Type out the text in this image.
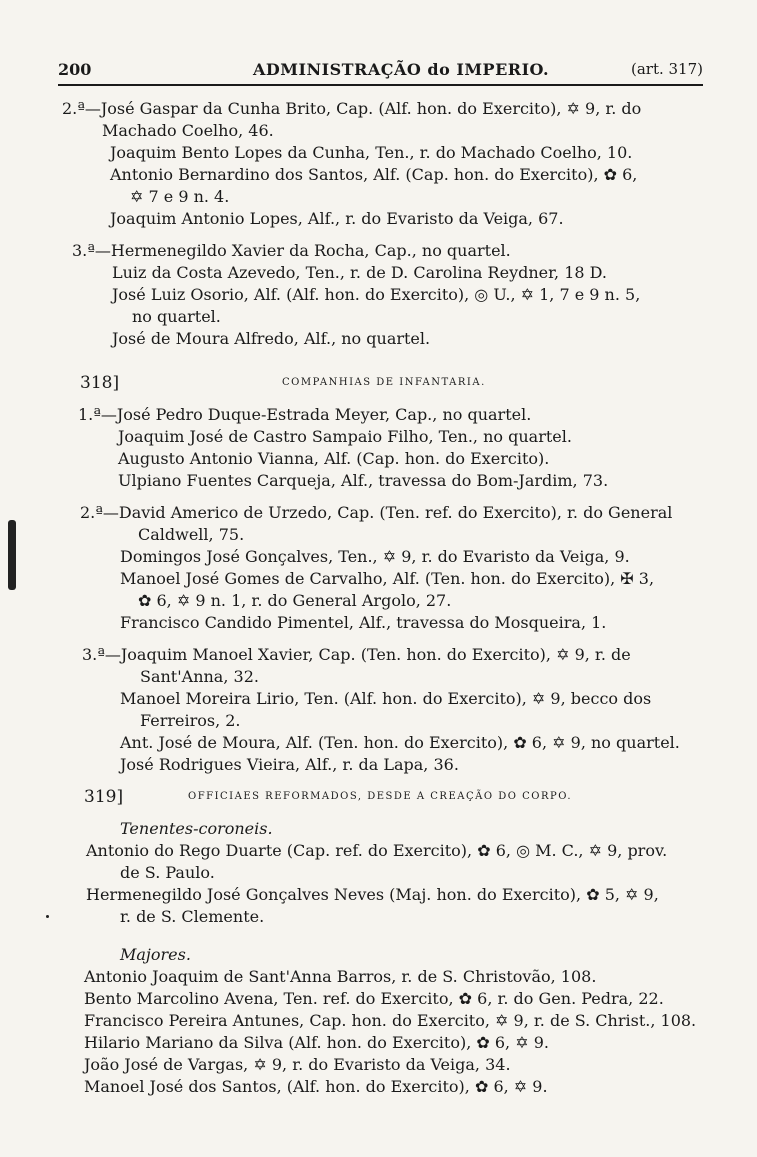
200	ADMINISTRAÇÃO do IMPERIO.	(art. 317)
2.ª—José Gaspar da Cunha Brito, Cap. (Alf. hon. do Exercito), ✡ 9, r. do
Machado Coelho, 46.
Joaquim Bento Lopes da Cunha, Ten., r. do Machado Coelho, 10.
Antonio Bernardino dos Santos, Alf. (Cap. hon. do Exercito), ✿ 6,
✡ 7 e 9 n. 4.
Joaquim Antonio Lopes, Alf., r. do Evaristo da Veiga, 67.
3.ª—Hermenegildo Xavier da Rocha, Cap., no quartel.
Luiz da Costa Azevedo, Ten., r. de D. Carolina Reydner, 18 D.
José Luiz Osorio, Alf. (Alf. hon. do Exercito), ◎ U., ✡ 1, 7 e 9 n. 5,
no quartel.
José de Moura Alfredo, Alf., no quartel.
318]	COMPANHIAS DE INFANTARIA.
1.ª—José Pedro Duque-Estrada Meyer, Cap., no quartel.
Joaquim José de Castro Sampaio Filho, Ten., no quartel.
Augusto Antonio Vianna, Alf. (Cap. hon. do Exercito).
Ulpiano Fuentes Carqueja, Alf., travessa do Bom-Jardim, 73.
2.ª—David Americo de Urzedo, Cap. (Ten. ref. do Exercito), r. do General
Caldwell, 75.
Domingos José Gonçalves, Ten., ✡ 9, r. do Evaristo da Veiga, 9.
Manoel José Gomes de Carvalho, Alf. (Ten. hon. do Exercito), ✠ 3,
✿ 6, ✡ 9 n. 1, r. do General Argolo, 27.
Francisco Candido Pimentel, Alf., travessa do Mosqueira, 1.
3.ª—Joaquim Manoel Xavier, Cap. (Ten. hon. do Exercito), ✡ 9, r. de
Sant'Anna, 32.
Manoel Moreira Lirio, Ten. (Alf. hon. do Exercito), ✡ 9, becco dos
Ferreiros, 2.
Ant. José de Moura, Alf. (Ten. hon. do Exercito), ✿ 6, ✡ 9, no quartel.
José Rodrigues Vieira, Alf., r. da Lapa, 36.
319]	OFFICIAES REFORMADOS, DESDE A CREAÇÃO DO CORPO.
Tenentes-coroneis.
Antonio do Rego Duarte (Cap. ref. do Exercito), ✿ 6, ◎ M. C., ✡ 9, prov.
de S. Paulo.
Hermenegildo José Gonçalves Neves (Maj. hon. do Exercito), ✿ 5, ✡ 9,
r. de S. Clemente.
Majores.
Antonio Joaquim de Sant'Anna Barros, r. de S. Christovão, 108.
Bento Marcolino Avena, Ten. ref. do Exercito, ✿ 6, r. do Gen. Pedra, 22.
Francisco Pereira Antunes, Cap. hon. do Exercito, ✡ 9, r. de S. Christ., 108.
Hilario Mariano da Silva (Alf. hon. do Exercito), ✿ 6, ✡ 9.
João José de Vargas, ✡ 9, r. do Evaristo da Veiga, 34.
Manoel José dos Santos, (Alf. hon. do Exercito), ✿ 6, ✡ 9.
